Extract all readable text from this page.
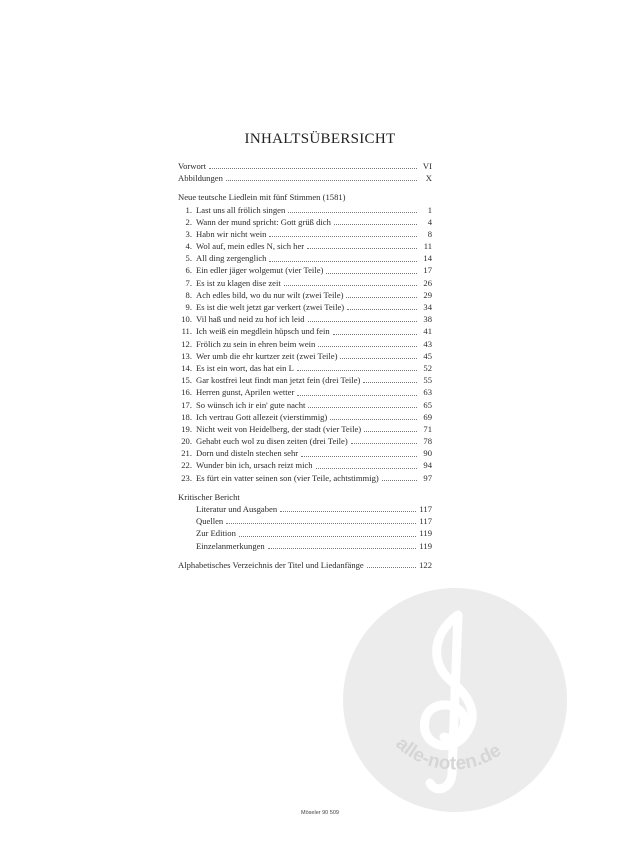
INHALTSÜBERSICHT
Vorwort	VI
Abbildungen	X
Neue teutsche Liedlein mit fünf Stimmen (1581)
1. Last uns all frölich singen	1
2. Wann der mund spricht: Gott grüß dich	4
3. Habn wir nicht wein	8
4. Wol auf, mein edles N, sich her	11
5. All ding zergenglich	14
6. Ein edler jäger wolgemut (vier Teile)	17
7. Es ist zu klagen dise zeit	26
8. Ach edles bild, wo du nur wilt (zwei Teile)	29
9. Es ist die welt jetzt gar verkert (zwei Teile)	34
10. Vil haß und neid zu hof ich leid	38
11. Ich weiß ein megdlein hüpsch und fein	41
12. Frölich zu sein in ehren beim wein	43
13. Wer umb die ehr kurtzer zeit (zwei Teile)	45
14. Es ist ein wort, das hat ein L	52
15. Gar kostfrei leut findt man jetzt fein (drei Teile)	55
16. Herren gunst, Aprilen wetter	63
17. So wünsch ich ir ein' gute nacht	65
18. Ich vertrau Gott allezeit (vierstimmig)	69
19. Nicht weit von Heidelberg, der stadt (vier Teile)	71
20. Gehabt euch wol zu disen zeiten (drei Teile)	78
21. Dorn und disteln stechen sehr	90
22. Wunder bin ich, ursach reizt mich	94
23. Es fürt ein vatter seinen son (vier Teile, achtstimmig)	97
Kritischer Bericht
Literatur und Ausgaben	117
Quellen	117
Zur Edition	119
Einzelanmerkungen	119
Alphabetisches Verzeichnis der Titel und Liedanfänge	122
alle-noten.de
Möseler 90 509
